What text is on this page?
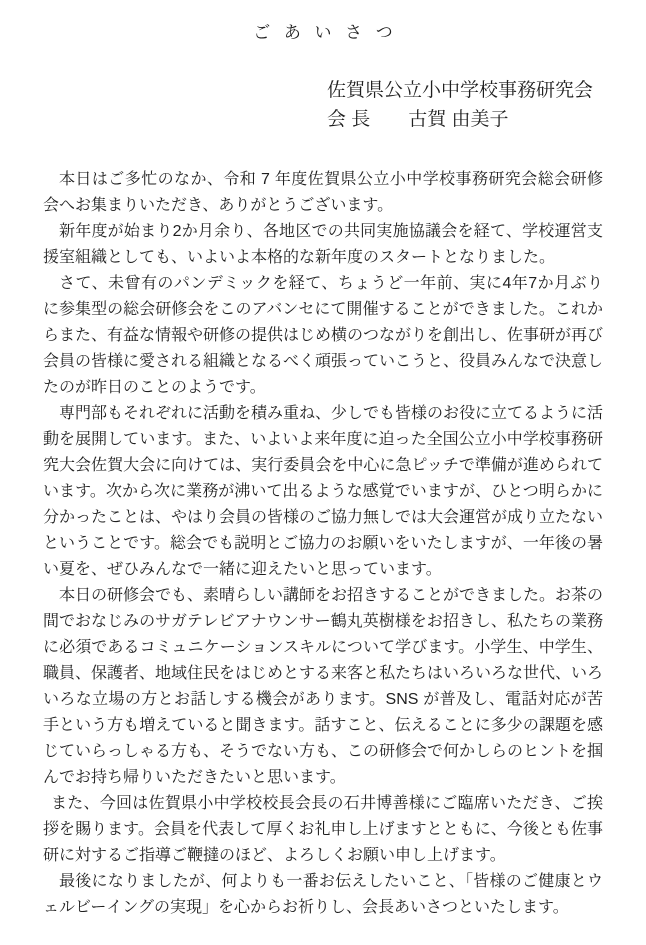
ごあいさつ
佐賀県公立小中学校事務研究会
会 長　　古賀 由美子

本日はご多忙のなか、令和 7 年度佐賀県公立小中学校事務研究会総会研修会へお集まりいただき、ありがとうございます。

新年度が始まり2か月余り、各地区での共同実施協議会を経て、学校運営支援室組織としても、いよいよ本格的な新年度のスタートとなりました。

さて、未曾有のパンデミックを経て、ちょうど一年前、実に4年7か月ぶりに参集型の総会研修会をこのアバンセにて開催することができました。これからまた、有益な情報や研修の提供はじめ横のつながりを創出し、佐事研が再び会員の皆様に愛される組織となるべく頑張っていこうと、役員みんなで決意したのが昨日のことのようです。

専門部もそれぞれに活動を積み重ね、少しでも皆様のお役に立てるように活動を展開しています。また、いよいよ来年度に迫った全国公立小中学校事務研究大会佐賀大会に向けては、実行委員会を中心に急ピッチで準備が進められています。次から次に業務が沸いて出るような感覚でいますが、ひとつ明らかに分かったことは、やはり会員の皆様のご協力無しでは大会運営が成り立たないということです。総会でも説明とご協力のお願いをいたしますが、一年後の暑い夏を、ぜひみんなで一緒に迎えたいと思っています。

本日の研修会でも、素晴らしい講師をお招きすることができました。お茶の間でおなじみのサガテレビアナウンサー鶴丸英樹様をお招きし、私たちの業務に必須であるコミュニケーションスキルについて学びます。小学生、中学生、職員、保護者、地域住民をはじめとする来客と私たちはいろいろな世代、いろいろな立場の方とお話しする機会があります。SNS が普及し、電話対応が苦手という方も増えていると聞きます。話すこと、伝えることに多少の課題を感じていらっしゃる方も、そうでない方も、この研修会で何かしらのヒントを掴んでお持ち帰りいただきたいと思います。

また、今回は佐賀県小中学校校長会長の石井博善様にご臨席いただき、ご挨拶を賜ります。会員を代表して厚くお礼申し上げますとともに、今後とも佐事研に対するご指導ご鞭撻のほど、よろしくお願い申し上げます。

最後になりましたが、何よりも一番お伝えしたいこと、「皆様のご健康とウェルビーイングの実現」を心からお祈りし、会長あいさつといたします。
